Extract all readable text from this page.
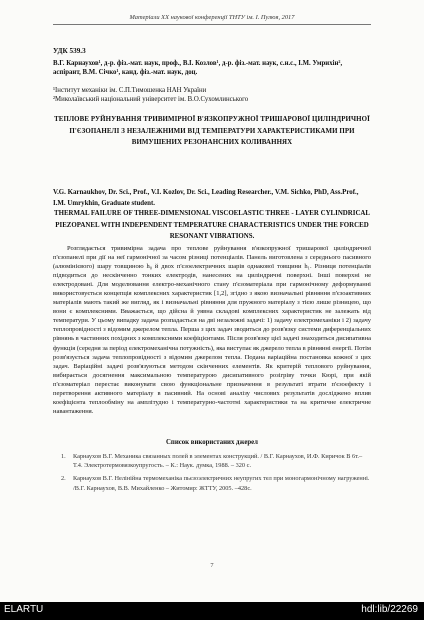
Матеріали XX наукової конференції ТНТУ ім. І. Пулюя, 2017
УДК 539.3
В.Г. Карнаухов¹, д-р. фіз.-мат. наук, проф., В.І. Козлов¹, д-р. фіз.-мат. наук, с.н.с., І.М. Умрихін², аспірант, В.М. Січко¹, канд. фіз.-мат. наук, доц.
¹Інститут механіки ім. С.П.Тимошенка НАН України
²Миколаївський національний університет ім. В.О.Сухомлинського
ТЕПЛОВЕ РУЙНУВАННЯ ТРИВИМІРНОЇ В'ЯЗКОПРУЖНОЇ ТРИШАРОВОЇ ЦИЛІНДРИЧНОЇ П'ЄЗОПАНЕЛІ З НЕЗАЛЕЖНИМИ ВІД ТЕМПЕРАТУРИ ХАРАКТЕРИСТИКАМИ ПРИ ВИМУШЕНИХ РЕЗОНАНСНИХ КОЛИВАННЯХ
V.G. Karnaukhov, Dr. Sci., Prof., V.I. Kozlov, Dr. Sci., Leading Researcher., V.M. Sichko, PhD, Ass.Prof., I.M. Umrykhin, Graduate student.
THERMAL FAILURE OF THREE-DIMENSIONAL VISCOELASTIC THREE - LAYER CYLINDRICAL PIEZOPANEL WITH INDEPENDENT TEMPERATURE CHARACTERISTICS UNDER THE FORCED RESONANT VIBRATIONS.
Розглядається тривимірна задача про теплове руйнування в'язкопружної тришарової циліндричної п'єзопанелі при дії на неї гармонічної за часом різниці потенціалів. Панель виготовлена з середнього пасивного (алюмінієвого) шару товщиною h₀ й двох п'єзоелектричних шарів однакової товщини h₁. Різниця потенціалів підводиться до нескінченно тонких електродів, нанесених на циліндричні поверхні. Інші поверхні не електродовані. Для моделювання електро-механічного стану п'єзоматеріала при гармонічному деформуванні використовується концепція комплексних характеристик [1,2], згідно з якою визначальні рівняння п'єзоактивних матеріалів мають такий же вигляд, як і визначальні рівняння для пружного матеріалу з тією лише різницею, що вони є комплексними. Вважається, що дійсна й уявна складові комплексних характеристик не залежать від температури. У цьому випадку задача розпадається на дві незалежні задачі: 1) задачу електромеханіки і 2) задачу теплопровідності з відомим джерелом тепла. Перша з цих задач зводиться до розв'язку системи диференціальних рівнянь в частинних похідних з комплексними коефіцієнтами. Після розв'язку цієї задачі знаходиться дисипативна функція (середня за період електромеханічна потужність), яка виступає як джерело тепла в рівнянні енергії. Потім розв'язується задача теплопровідності з відомим джерелом тепла. Подана варіаційна постановка кожної з цих задач. Варіаційні задачі розв'язуються методом скінченних елементів. Як критерій теплового руйнування, вибирається досягнення максимальною температурою дисипативного розігріву точки Кюрі, при якій п'єзоматеріал перестає виконувати свою функціональне призначення в результаті втрати п'єзоефекту і перетворення активного матеріалу в пасивний. На основі аналізу числових результатів досліджено вплив коефіцієнта теплообміну на амплітудно і температурно-частотні характеристики та на критичне електричне навантаження.
Список використаних джерел
1.	Карнаухов В.Г. Механика связанных полей в элементах конструкций. / В.Г. Карнаухов, И.Ф. Киричок В 6т.–Т.4. Электротермовязкоупругость. – К.: Наук. думка, 1988. – 320 с.
2.	Карнаухов В.Г. Нелінійна термомеханіка пьєзоэлектричних неупругих тел при моногармонічному нагруженні. /В.Г. Карнаухов, В.В. Михайленко – Житомир: ЖТТУ, 2005. –428с.
7
ELARTU	hdl:lib/22269
